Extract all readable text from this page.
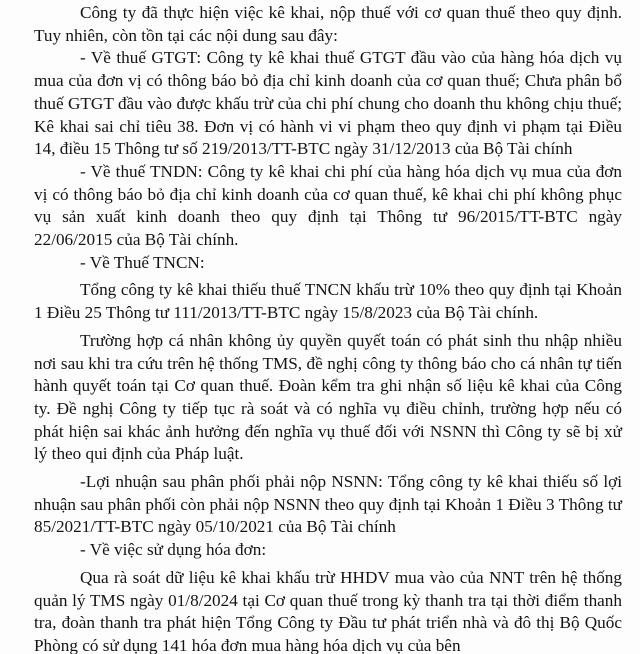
Công ty đã thực hiện việc kê khai, nộp thuế với cơ quan thuế theo quy định. Tuy nhiên, còn tồn tại các nội dung sau đây:

- Về thuế GTGT: Công ty kê khai thuế GTGT đầu vào của hàng hóa dịch vụ mua của đơn vị có thông báo bỏ địa chỉ kinh doanh của cơ quan thuế; Chưa phân bổ thuế GTGT đầu vào được khấu trừ của chi phí chung cho doanh thu không chịu thuế; Kê khai sai chỉ tiêu 38. Đơn vị có hành vi vi phạm theo quy định vi phạm tại Điều 14, điều 15 Thông tư số 219/2013/TT-BTC ngày 31/12/2013 của Bộ Tài chính

- Về thuế TNDN: Công ty kê khai chi phí của hàng hóa dịch vụ mua của đơn vị có thông báo bỏ địa chỉ kinh doanh của cơ quan thuế, kê khai chi phí không phục vụ sản xuất kinh doanh theo quy định tại Thông tư 96/2015/TT-BTC ngày 22/06/2015 của Bộ Tài chính.

- Về Thuế TNCN:

Tổng công ty kê khai thiếu thuế TNCN khấu trừ 10% theo quy định tại Khoản 1 Điều 25 Thông tư 111/2013/TT-BTC ngày 15/8/2023 của Bộ Tài chính.

Trường hợp cá nhân không ủy quyền quyết toán có phát sinh thu nhập nhiều nơi sau khi tra cứu trên hệ thống TMS, đề nghị công ty thông báo cho cá nhân tự tiến hành quyết toán tại Cơ quan thuế. Đoàn kểm tra ghi nhận số liệu kê khai của Công ty. Đề nghị Công ty tiếp tục rà soát và có nghĩa vụ điều chỉnh, trường hợp nếu có phát hiện sai khác ảnh hưởng đến nghĩa vụ thuế đối với NSNN thì Công ty sẽ bị xử lý theo qui định của Pháp luật.

-Lợi nhuận sau phân phối phải nộp NSNN: Tổng công ty kê khai thiếu số lợi nhuận sau phân phối còn phải nộp NSNN theo quy định tại Khoản 1 Điều 3 Thông tư 85/2021/TT-BTC ngày 05/10/2021 của Bộ Tài chính

- Về việc sử dụng hóa đơn:

Qua rà soát dữ liệu kê khai khấu trừ HHDV mua vào của NNT trên hệ thống quản lý TMS ngày 01/8/2024 tại Cơ quan thuế trong kỳ thanh tra tại thời điểm thanh tra, đoàn thanh tra phát hiện Tổng Công ty Đầu tư phát triển nhà và đô thị Bộ Quốc Phòng có sử dụng 141 hóa đơn mua hàng hóa dịch vụ của bên
